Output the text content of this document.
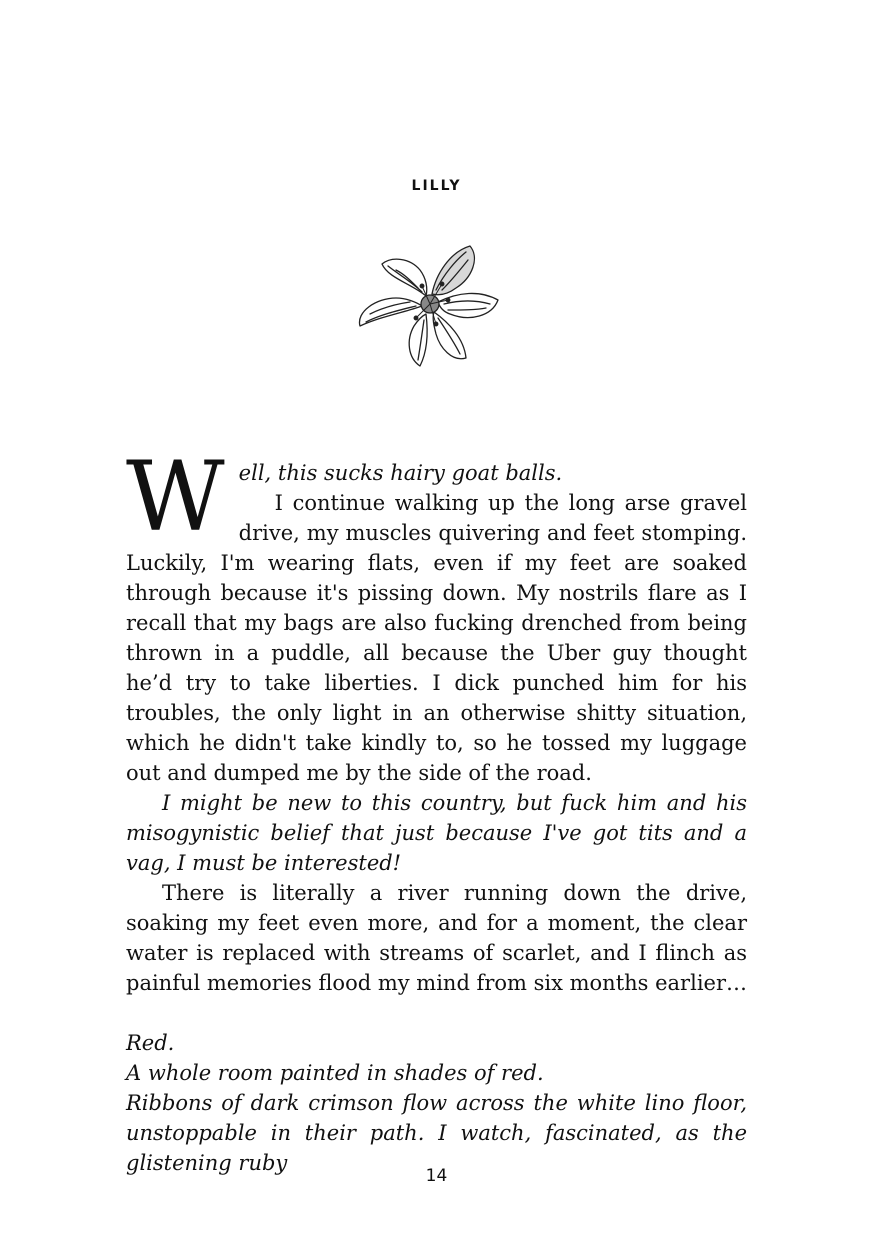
LILLY

Well, this sucks hairy goat balls.

I continue walking up the long arse gravel drive, my muscles quivering and feet stomping. Luckily, I'm wearing flats, even if my feet are soaked through because it's pissing down. My nostrils flare as I recall that my bags are also fucking drenched from being thrown in a puddle, all because the Uber guy thought he’d try to take liberties. I dick punched him for his troubles, the only light in an otherwise shitty situation, which he didn't take kindly to, so he tossed my luggage out and dumped me by the side of the road.

I might be new to this country, but fuck him and his misogynistic belief that just because I've got tits and a vag, I must be interested!

There is literally a river running down the drive, soaking my feet even more, and for a moment, the clear water is replaced with streams of scarlet, and I flinch as painful memories flood my mind from six months earlier…

Red.

A whole room painted in shades of red.

Ribbons of dark crimson flow across the white lino floor, unstoppable in their path. I watch, fascinated, as the glistening ruby

14
